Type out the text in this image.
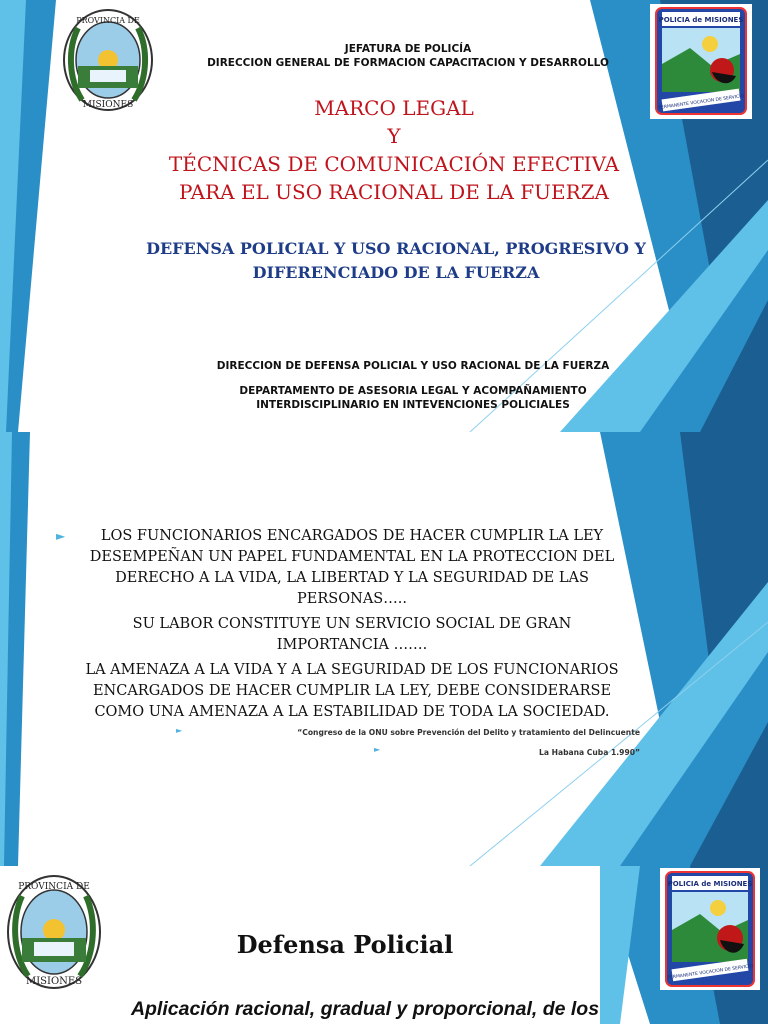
PROVINCIA DE
MISIONES
POLICIA de MISIONES
PERMANENTE VOCACION DE SERVICIO
JEFATURA DE POLICÍA
DIRECCION GENERAL DE FORMACION CAPACITACION Y DESARROLLO
MARCO LEGAL
Y
TÉCNICAS DE COMUNICACIÓN EFECTIVA
PARA EL USO RACIONAL DE LA FUERZA
DEFENSA POLICIAL Y USO RACIONAL, PROGRESIVO Y
DIFERENCIADO DE LA FUERZA
DIRECCION DE DEFENSA POLICIAL Y USO RACIONAL DE LA FUERZA
DEPARTAMENTO DE ASESORIA LEGAL Y ACOMPAÑAMIENTO
INTERDISCIPLINARIO EN INTEVENCIONES POLICIALES
►	LOS FUNCIONARIOS ENCARGADOS DE HACER CUMPLIR LA LEY
DESEMPEÑAN UN PAPEL FUNDAMENTAL EN LA PROTECCION DEL
DERECHO A LA VIDA, LA LIBERTAD Y LA SEGURIDAD DE LAS
PERSONAS…..
SU LABOR CONSTITUYE UN SERVICIO SOCIAL DE GRAN
IMPORTANCIA …….
LA AMENAZA A LA VIDA Y A LA SEGURIDAD DE LOS FUNCIONARIOS
ENCARGADOS DE HACER CUMPLIR LA LEY, DEBE CONSIDERARSE
COMO UNA AMENAZA A LA ESTABILIDAD DE TODA LA SOCIEDAD.
►	“Congreso de la ONU sobre Prevención del Delito y tratamiento del Delincuente
►	La Habana Cuba 1.990”
PROVINCIA DE
MISIONES
POLICIA de MISIONES
PERMANENTE VOCACION DE SERVICIO
Defensa Policial
Aplicación racional, gradual y proporcional, de los
